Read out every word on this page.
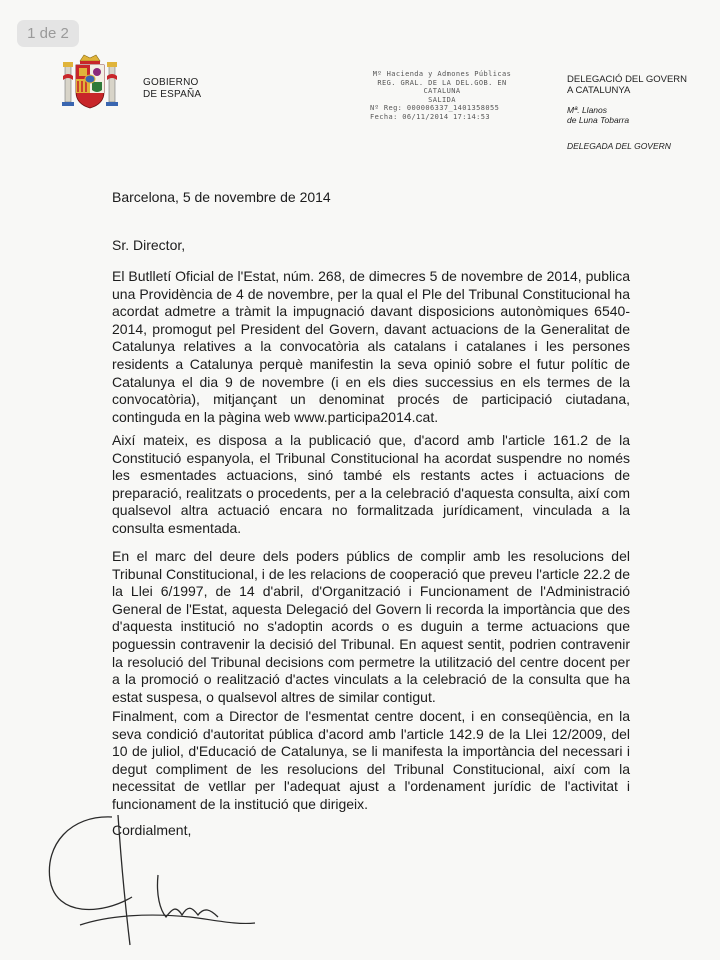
1 de 2
GOBIERNO
DE ESPAÑA
Mº Hacienda y Admones Públicas
REG. GRAL. DE LA DEL.GOB. EN
CATALUNA
SALIDA
Nº Reg: 000006337_1401358055
Fecha: 06/11/2014 17:14:53
DELEGACIÓ DEL GOVERN
A CATALUNYA
Mª. Llanos
de Luna Tobarra
DELEGADA DEL GOVERN
Barcelona, 5 de novembre de 2014
Sr. Director,
El Butlletí Oficial de l'Estat, núm. 268, de dimecres 5 de novembre de 2014, publica una Providència de 4 de novembre, per la qual el Ple del Tribunal Constitucional ha acordat admetre a tràmit la impugnació davant disposicions autonòmiques 6540-2014, promogut pel President del Govern, davant actuacions de la Generalitat de Catalunya relatives a la convocatòria als catalans i catalanes i les persones residents a Catalunya perquè manifestin la seva opinió sobre el futur polític de Catalunya el dia 9 de novembre (i en els dies successius en els termes de la convocatòria), mitjançant un denominat procés de participació ciutadana, continguda en la pàgina web www.participa2014.cat.
Així mateix, es disposa a la publicació que, d'acord amb l'article 161.2 de la Constitució espanyola, el Tribunal Constitucional ha acordat suspendre no només les esmentades actuacions, sinó també els restants actes i actuacions de preparació, realitzats o procedents, per a la celebració d'aquesta consulta, així com qualsevol altra actuació encara no formalitzada jurídicament, vinculada a la consulta esmentada.
En el marc del deure dels poders públics de complir amb les resolucions del Tribunal Constitucional, i de les relacions de cooperació que preveu l'article 22.2 de la Llei 6/1997, de 14 d'abril, d'Organització i Funcionament de l'Administració General de l'Estat, aquesta Delegació del Govern li recorda la importància que des d'aquesta institució no s'adoptin acords o es duguin a terme actuacions que poguessin contravenir la decisió del Tribunal. En aquest sentit, podrien contravenir la resolució del Tribunal decisions com permetre la utilització del centre docent per a la promoció o realització d'actes vinculats a la celebració de la consulta que ha estat suspesa, o qualsevol altres de similar contigut.
Finalment, com a Director de l'esmentat centre docent, i en conseqüència, en la seva condició d'autoritat pública d'acord amb l'article 142.9 de la Llei 12/2009, del 10 de juliol, d'Educació de Catalunya, se li manifesta la importància del necessari i degut compliment de les resolucions del Tribunal Constitucional, així com la necessitat de vetllar per l'adequat ajust a l'ordenament jurídic de l'activitat i funcionament de la institució que dirigeix.
Cordialment,
